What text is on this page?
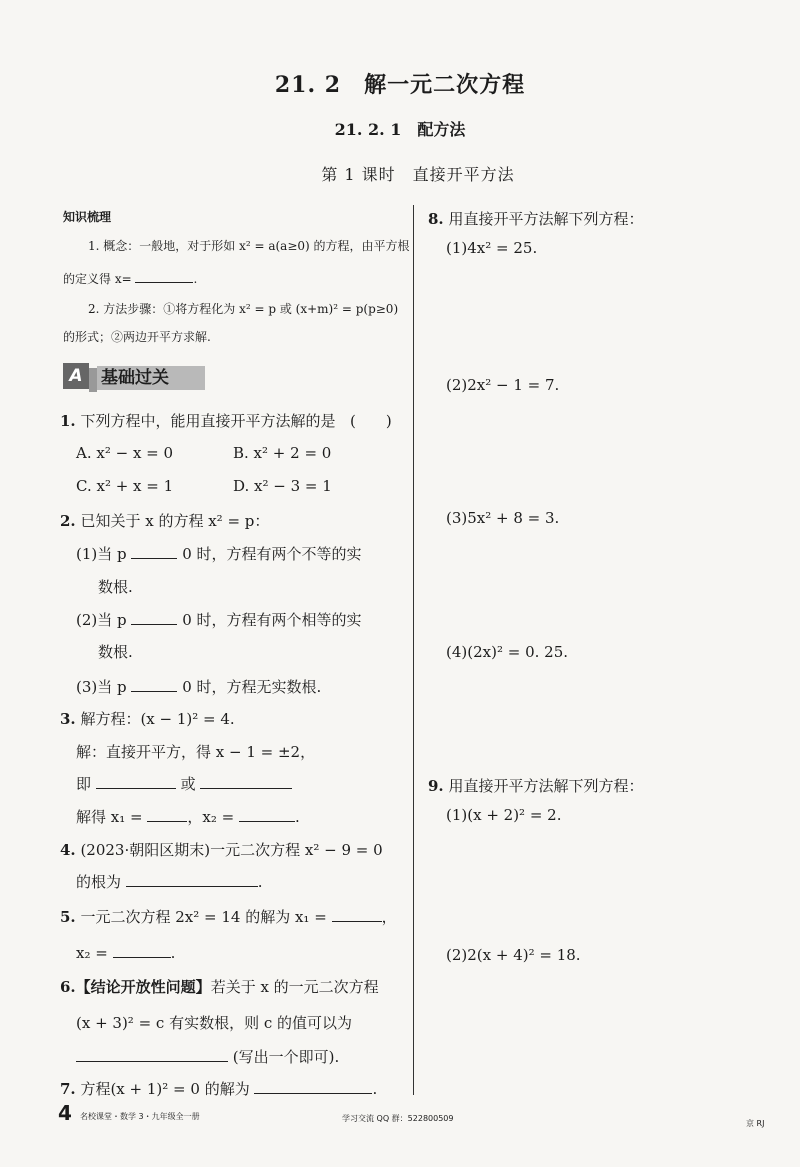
21. 2　解一元二次方程
21. 2. 1　配方法
第 1 课时　直接开平方法
知识梳理
1. 概念：一般地，对于形如 x² = a(a≥0) 的方程，由平方根
的定义得 x=	.
2. 方法步骤：①将方程化为 x² = p 或 (x+m)² = p(p≥0)
的形式；②两边开平方求解.
A	基础过关
1. 下列方程中，能用直接开平方法解的是 (　　)
A. x² − x = 0	B. x² + 2 = 0
C. x² + x = 1	D. x² − 3 = 1
2. 已知关于 x 的方程 x² = p：
(1)当 p	0 时，方程有两个不等的实
数根.
(2)当 p	0 时，方程有两个相等的实
数根.
(3)当 p	0 时，方程无实数根.
3. 解方程：(x − 1)² = 4.
解：直接开平方，得 x − 1 = ±2，
即	或
解得 x₁ =	，x₂ =	.
4. (2023·朝阳区期末)一元二次方程 x² − 9 = 0
的根为	.
5. 一元二次方程 2x² = 14 的解为 x₁ =	，
x₂ =	.
6.【结论开放性问题】若关于 x 的一元二次方程
(x + 3)² = c 有实数根，则 c 的值可以为
(写出一个即可).
7. 方程(x + 1)² = 0 的解为	.
8. 用直接开平方法解下列方程：
(1)4x² = 25.
(2)2x² − 1 = 7.
(3)5x² + 8 = 3.
(4)(2x)² = 0. 25.
9. 用直接开平方法解下列方程：
(1)(x + 2)² = 2.
(2)2(x + 4)² = 18.
4 名校课堂・数学 3・九年级全一册	学习交流 QQ 群：522800509
京 RJ
